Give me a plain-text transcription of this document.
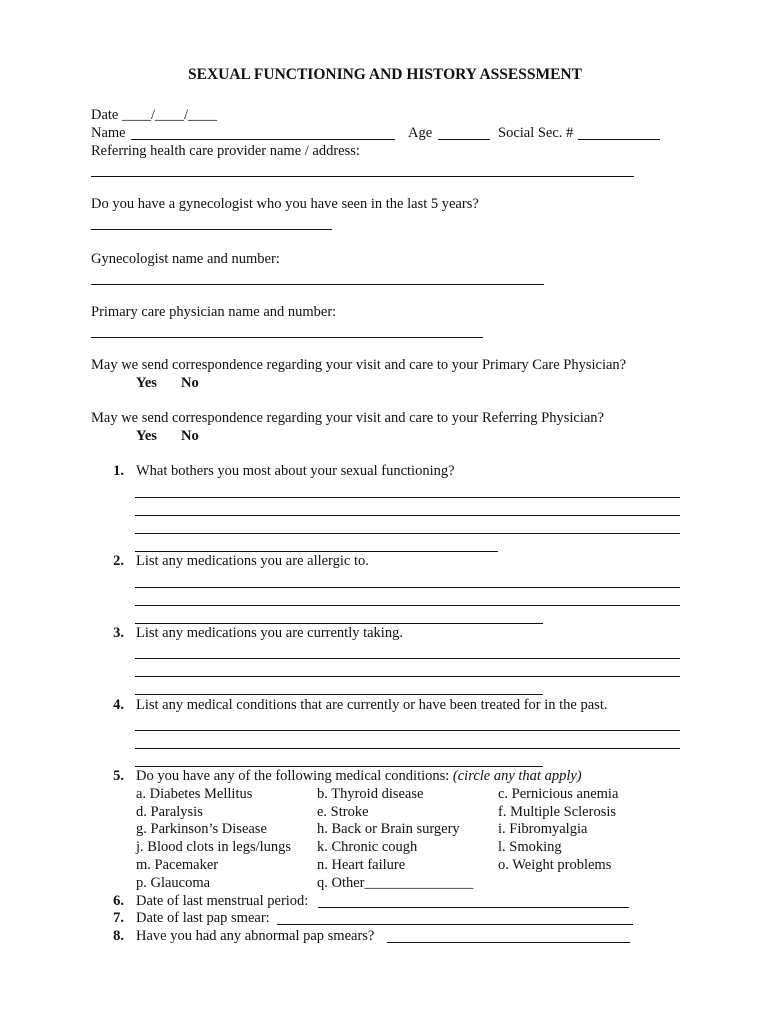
SEXUAL FUNCTIONING AND HISTORY ASSESSMENT
Date ____/____/____
Name	Age	Social Sec. #
Referring health care provider name / address:
Do you have a gynecologist who you have seen in the last 5 years?
Gynecologist name and number:
Primary care physician name and number:
May we send correspondence regarding your visit and care to your Primary Care Physician?
Yes No
May we send correspondence regarding your visit and care to your Referring Physician?
Yes No
1. What bothers you most about your sexual functioning?
2. List any medications you are allergic to.
3. List any medications you are currently taking.
4. List any medical conditions that are currently or have been treated for in the past.
5. Do you have any of the following medical conditions: (circle any that apply)
a. Diabetes Mellitus	b. Thyroid disease	c. Pernicious anemia
d. Paralysis	e. Stroke	f. Multiple Sclerosis
g. Parkinson’s Disease	h. Back or Brain surgery	i. Fibromyalgia
j. Blood clots in legs/lungs k. Chronic cough	l. Smoking
m. Pacemaker	n. Heart failure	o. Weight problems
p. Glaucoma	q. Other_______________
6. Date of last menstrual period:
7. Date of last pap smear:
8. Have you had any abnormal pap smears?
